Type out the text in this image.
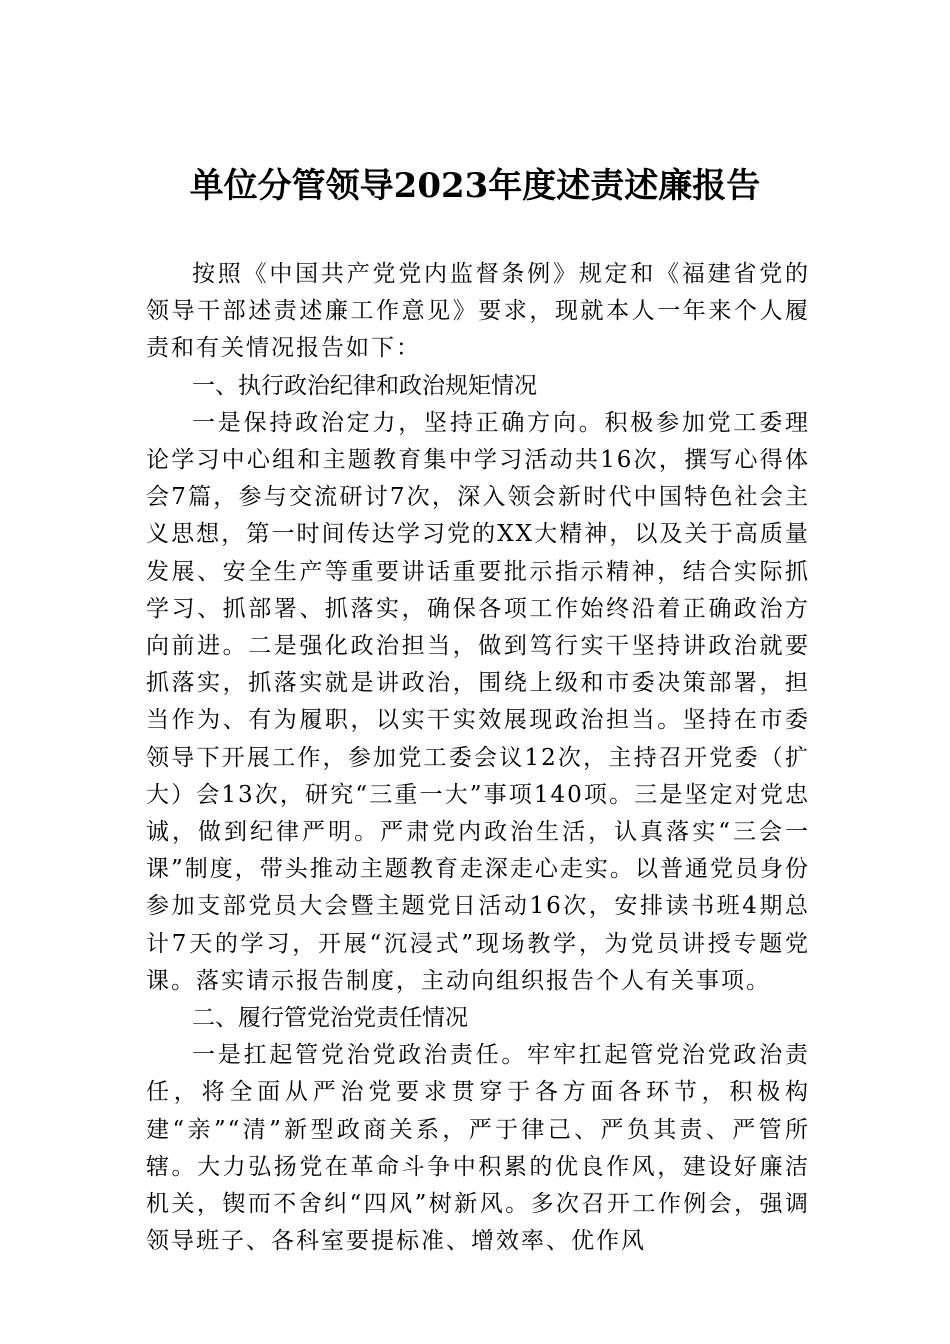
单位分管领导2023年度述责述廉报告

按照《中国共产党党内监督条例》规定和《福建省党的领导干部述责述廉工作意见》要求，现就本人一年来个人履责和有关情况报告如下：

一、执行政治纪律和政治规矩情况

一是保持政治定力，坚持正确方向。积极参加党工委理论学习中心组和主题教育集中学习活动共16次，撰写心得体会7篇，参与交流研讨7次，深入领会新时代中国特色社会主义思想，第一时间传达学习党的XX大精神，以及关于高质量发展、安全生产等重要讲话重要批示指示精神，结合实际抓学习、抓部署、抓落实，确保各项工作始终沿着正确政治方向前进。二是强化政治担当，做到笃行实干坚持讲政治就要抓落实，抓落实就是讲政治，围绕上级和市委决策部署，担当作为、有为履职，以实干实效展现政治担当。坚持在市委领导下开展工作，参加党工委会议12次，主持召开党委（扩大）会13次，研究“三重一大”事项140项。三是坚定对党忠诚，做到纪律严明。严肃党内政治生活，认真落实“三会一课”制度，带头推动主题教育走深走心走实。以普通党员身份参加支部党员大会暨主题党日活动16次，安排读书班4期总计7天的学习，开展“沉浸式”现场教学，为党员讲授专题党课。落实请示报告制度，主动向组织报告个人有关事项。

二、履行管党治党责任情况

一是扛起管党治党政治责任。牢牢扛起管党治党政治责任，将全面从严治党要求贯穿于各方面各环节，积极构建“亲”“清”新型政商关系，严于律己、严负其责、严管所辖。大力弘扬党在革命斗争中积累的优良作风，建设好廉洁机关，锲而不舍纠“四风”树新风。多次召开工作例会，强调领导班子、各科室要提标准、增效率、优作风
